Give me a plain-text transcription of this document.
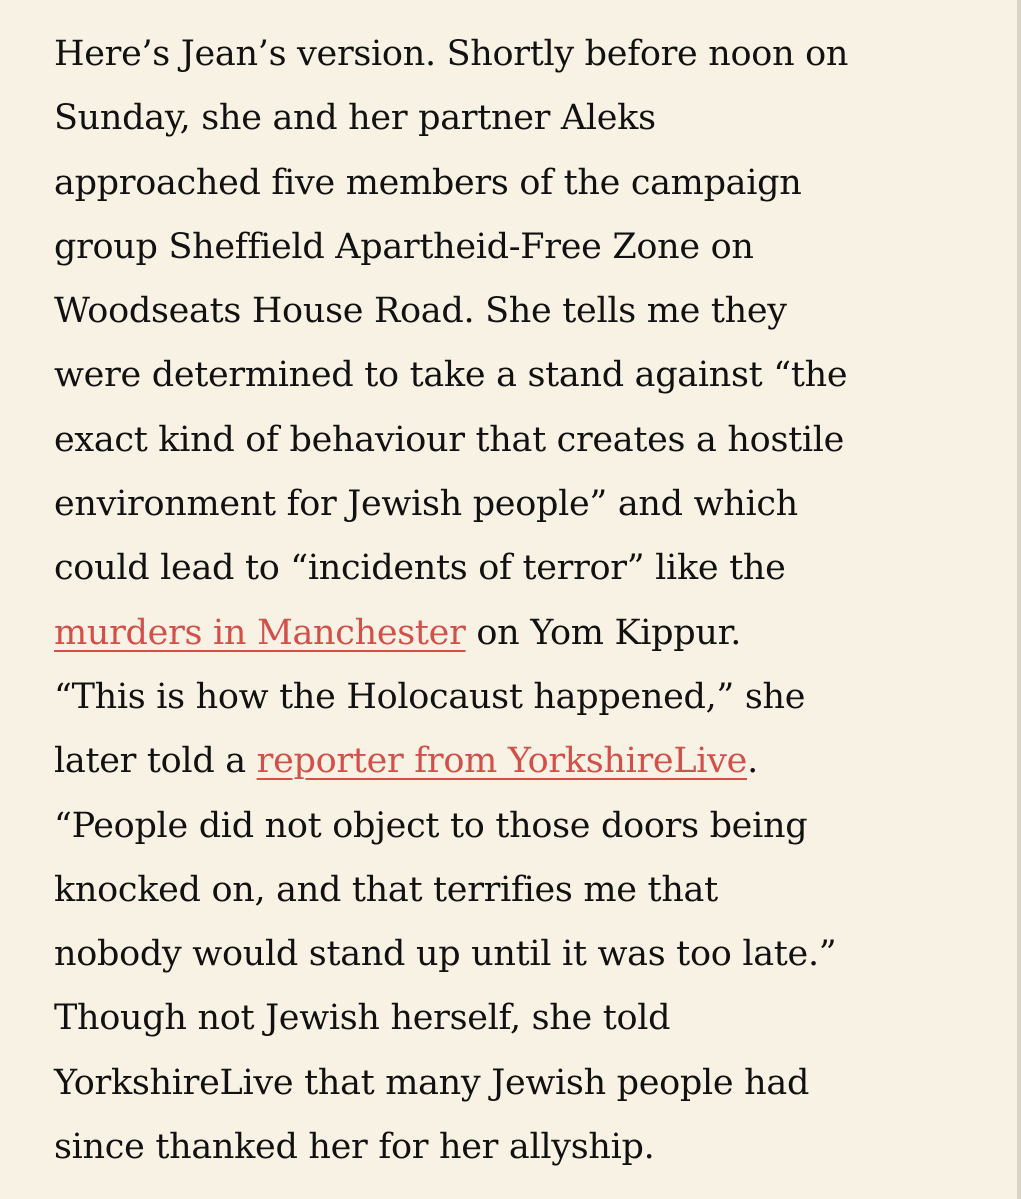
Here’s Jean’s version. Shortly before noon on
Sunday, she and her partner Aleks
approached five members of the campaign
group Sheffield Apartheid-Free Zone on
Woodseats House Road. She tells me they
were determined to take a stand against “the
exact kind of behaviour that creates a hostile
environment for Jewish people” and which
could lead to “incidents of terror” like the
murders in Manchester on Yom Kippur.
“This is how the Holocaust happened,” she
later told a reporter from YorkshireLive.
“People did not object to those doors being
knocked on, and that terrifies me that
nobody would stand up until it was too late.”
Though not Jewish herself, she told
YorkshireLive that many Jewish people had
since thanked her for her allyship.
